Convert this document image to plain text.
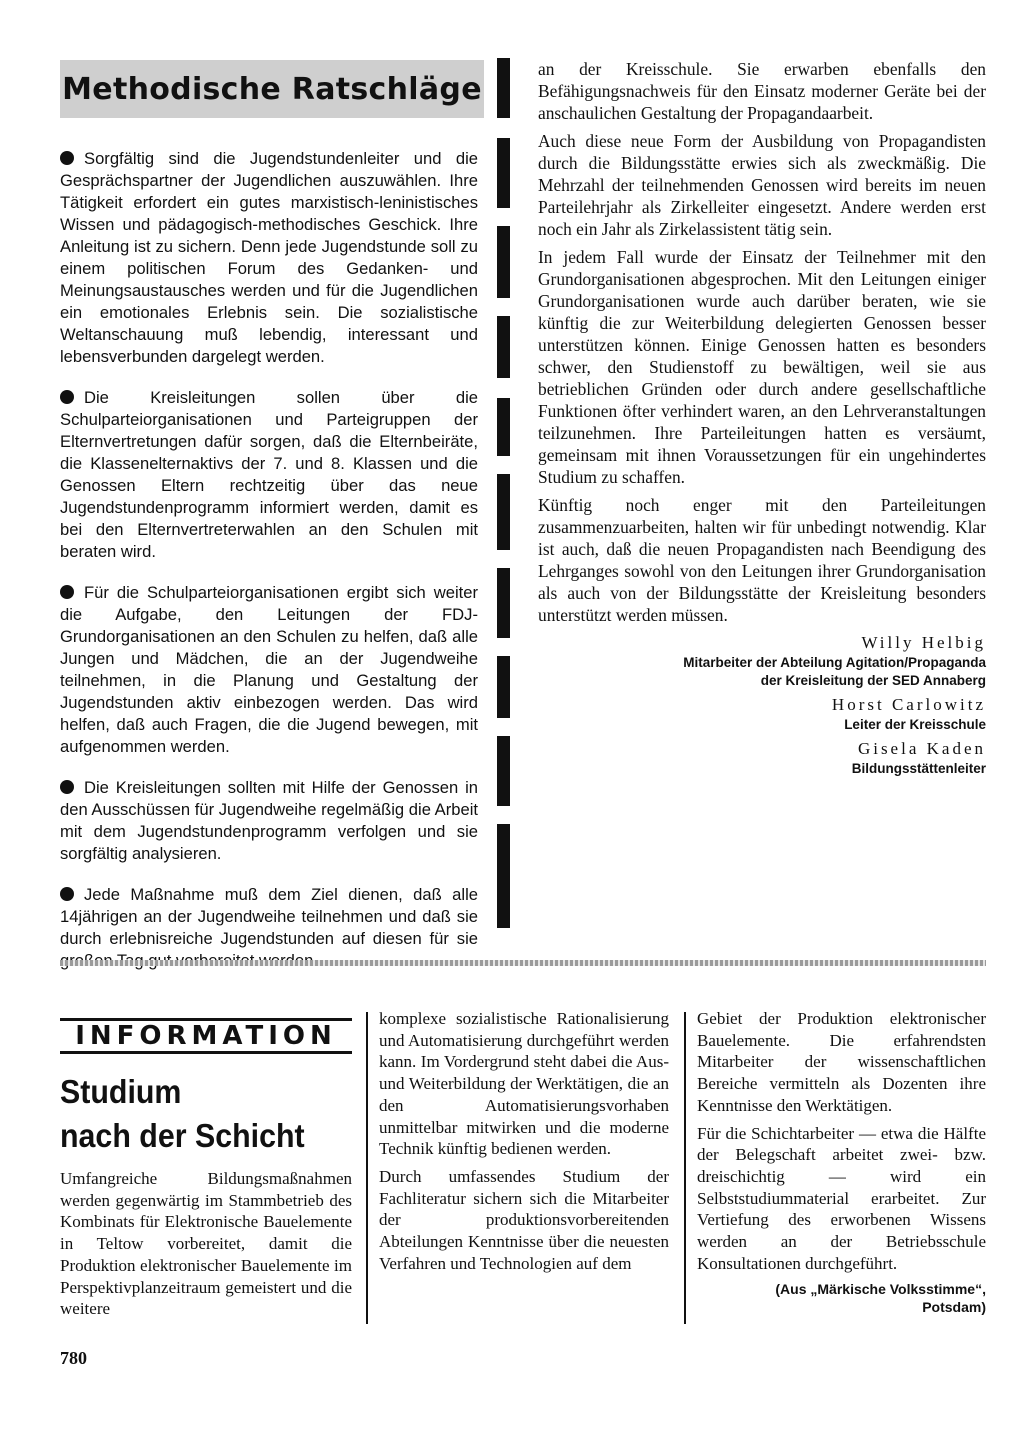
Methodische Ratschläge

Sorgfältig sind die Jugendstundenleiter und die Gesprächspartner der Jugendlichen auszuwählen. Ihre Tätigkeit erfordert ein gutes marxistisch-leninistisches Wissen und pädagogisch-methodisches Geschick. Ihre Anleitung ist zu sichern. Denn jede Jugendstunde soll zu einem politischen Forum des Gedanken- und Meinungsaustausches werden und für die Jugendlichen ein emotionales Erlebnis sein. Die sozialistische Weltanschauung muß lebendig, interessant und lebensverbunden dargelegt werden.

Die Kreisleitungen sollen über die Schulparteiorganisationen und Parteigruppen der Elternvertretungen dafür sorgen, daß die Elternbeiräte, die Klassenelternaktivs der 7. und 8. Klassen und die Genossen Eltern rechtzeitig über das neue Jugendstundenprogramm informiert werden, damit es bei den Elternvertreterwahlen an den Schulen mit beraten wird.

Für die Schulparteiorganisationen ergibt sich weiter die Aufgabe, den Leitungen der FDJ-Grundorganisationen an den Schulen zu helfen, daß alle Jungen und Mädchen, die an der Jugendweihe teilnehmen, in die Planung und Gestaltung der Jugendstunden aktiv einbezogen werden. Das wird helfen, daß auch Fragen, die die Jugend bewegen, mit aufgenommen werden.

Die Kreisleitungen sollten mit Hilfe der Genossen in den Ausschüssen für Jugendweihe regelmäßig die Arbeit mit dem Jugendstundenprogramm verfolgen und sie sorgfältig analysieren.

Jede Maßnahme muß dem Ziel dienen, daß alle 14jährigen an der Jugendweihe teilnehmen und daß sie durch erlebnisreiche Jugendstunden auf diesen für sie

an der Kreisschule. Sie erwarben ebenfalls den Befähigungsnachweis für den Einsatz moderner Geräte bei der anschaulichen Gestaltung der Propagandaarbeit.

Auch diese neue Form der Ausbildung von Propagandisten durch die Bildungsstätte erwies sich als zweckmäßig. Die Mehrzahl der teilnehmenden Genossen wird bereits im neuen Parteilehrjahr als Zirkelleiter eingesetzt. Andere werden erst noch ein Jahr als Zirkelassistent tätig sein.

In jedem Fall wurde der Einsatz der Teilnehmer mit den Grundorganisationen abgesprochen. Mit den Leitungen einiger Grundorganisationen wurde auch darüber beraten, wie sie künftig die zur Weiterbildung delegierten Genossen besser unterstützen können. Einige Genossen hatten es besonders schwer, den Studienstoff zu bewältigen, weil sie aus betrieblichen Gründen oder durch andere gesellschaftliche Funktionen öfter verhindert waren, an den Lehrveranstaltungen teilzunehmen. Ihre Parteileitungen hatten es versäumt, gemeinsam mit ihnen Voraussetzungen für ein ungehindertes Studium zu schaffen.

Künftig noch enger mit den Parteileitungen zusammenzuarbeiten, halten wir für unbedingt notwendig. Klar ist auch, daß die neuen Propagandisten nach Beendigung des Lehrganges sowohl von den Leitungen ihrer Grundorganisation als auch von der Bildungsstätte der Kreisleitung besonders unterstützt werden müssen.

Willy Helbig
Mitarbeiter der Abteilung Agitation/Propaganda
der Kreisleitung der SED Annaberg
Horst Carlowitz
Leiter der Kreisschule
Gisela Kaden
Bildungsstättenleiter
INFORMATION
Studium
nach der Schicht

Umfangreiche Bildungsmaßnahmen werden gegenwärtig im Stammbetrieb des Kombinats für Elektronische Bauelemente in Teltow vorbereitet, damit die Produktion elektronischer Bauelemente im Perspektivplanzeitraum gemeistert und die weitere

komplexe sozialistische Rationalisierung und Automatisierung durchgeführt werden kann. Im Vordergrund steht dabei die Aus- und Weiterbildung der Werktätigen, die an den Automatisierungsvorhaben unmittelbar mitwirken und die moderne Technik künftig bedienen werden.

Durch umfassendes Studium der Fachliteratur sichern sich die Mitarbeiter der produktionsvorbereitenden Abteilungen Kenntnisse über die neuesten Verfahren und Technologien auf dem

Gebiet der Produktion elektronischer Bauelemente. Die erfahrendsten Mitarbeiter der wissenschaftlichen Bereiche vermitteln als Dozenten ihre Kenntnisse den Werktätigen.

Für die Schichtarbeiter — etwa die Hälfte der Belegschaft arbeitet zwei- bzw. dreischichtig — wird ein Selbststudiummaterial erarbeitet. Zur Vertiefung des erworbenen Wissens werden an der Betriebsschule Konsultationen durchgeführt.

(Aus „Märkische Volksstimme“,
Potsdam)
780
